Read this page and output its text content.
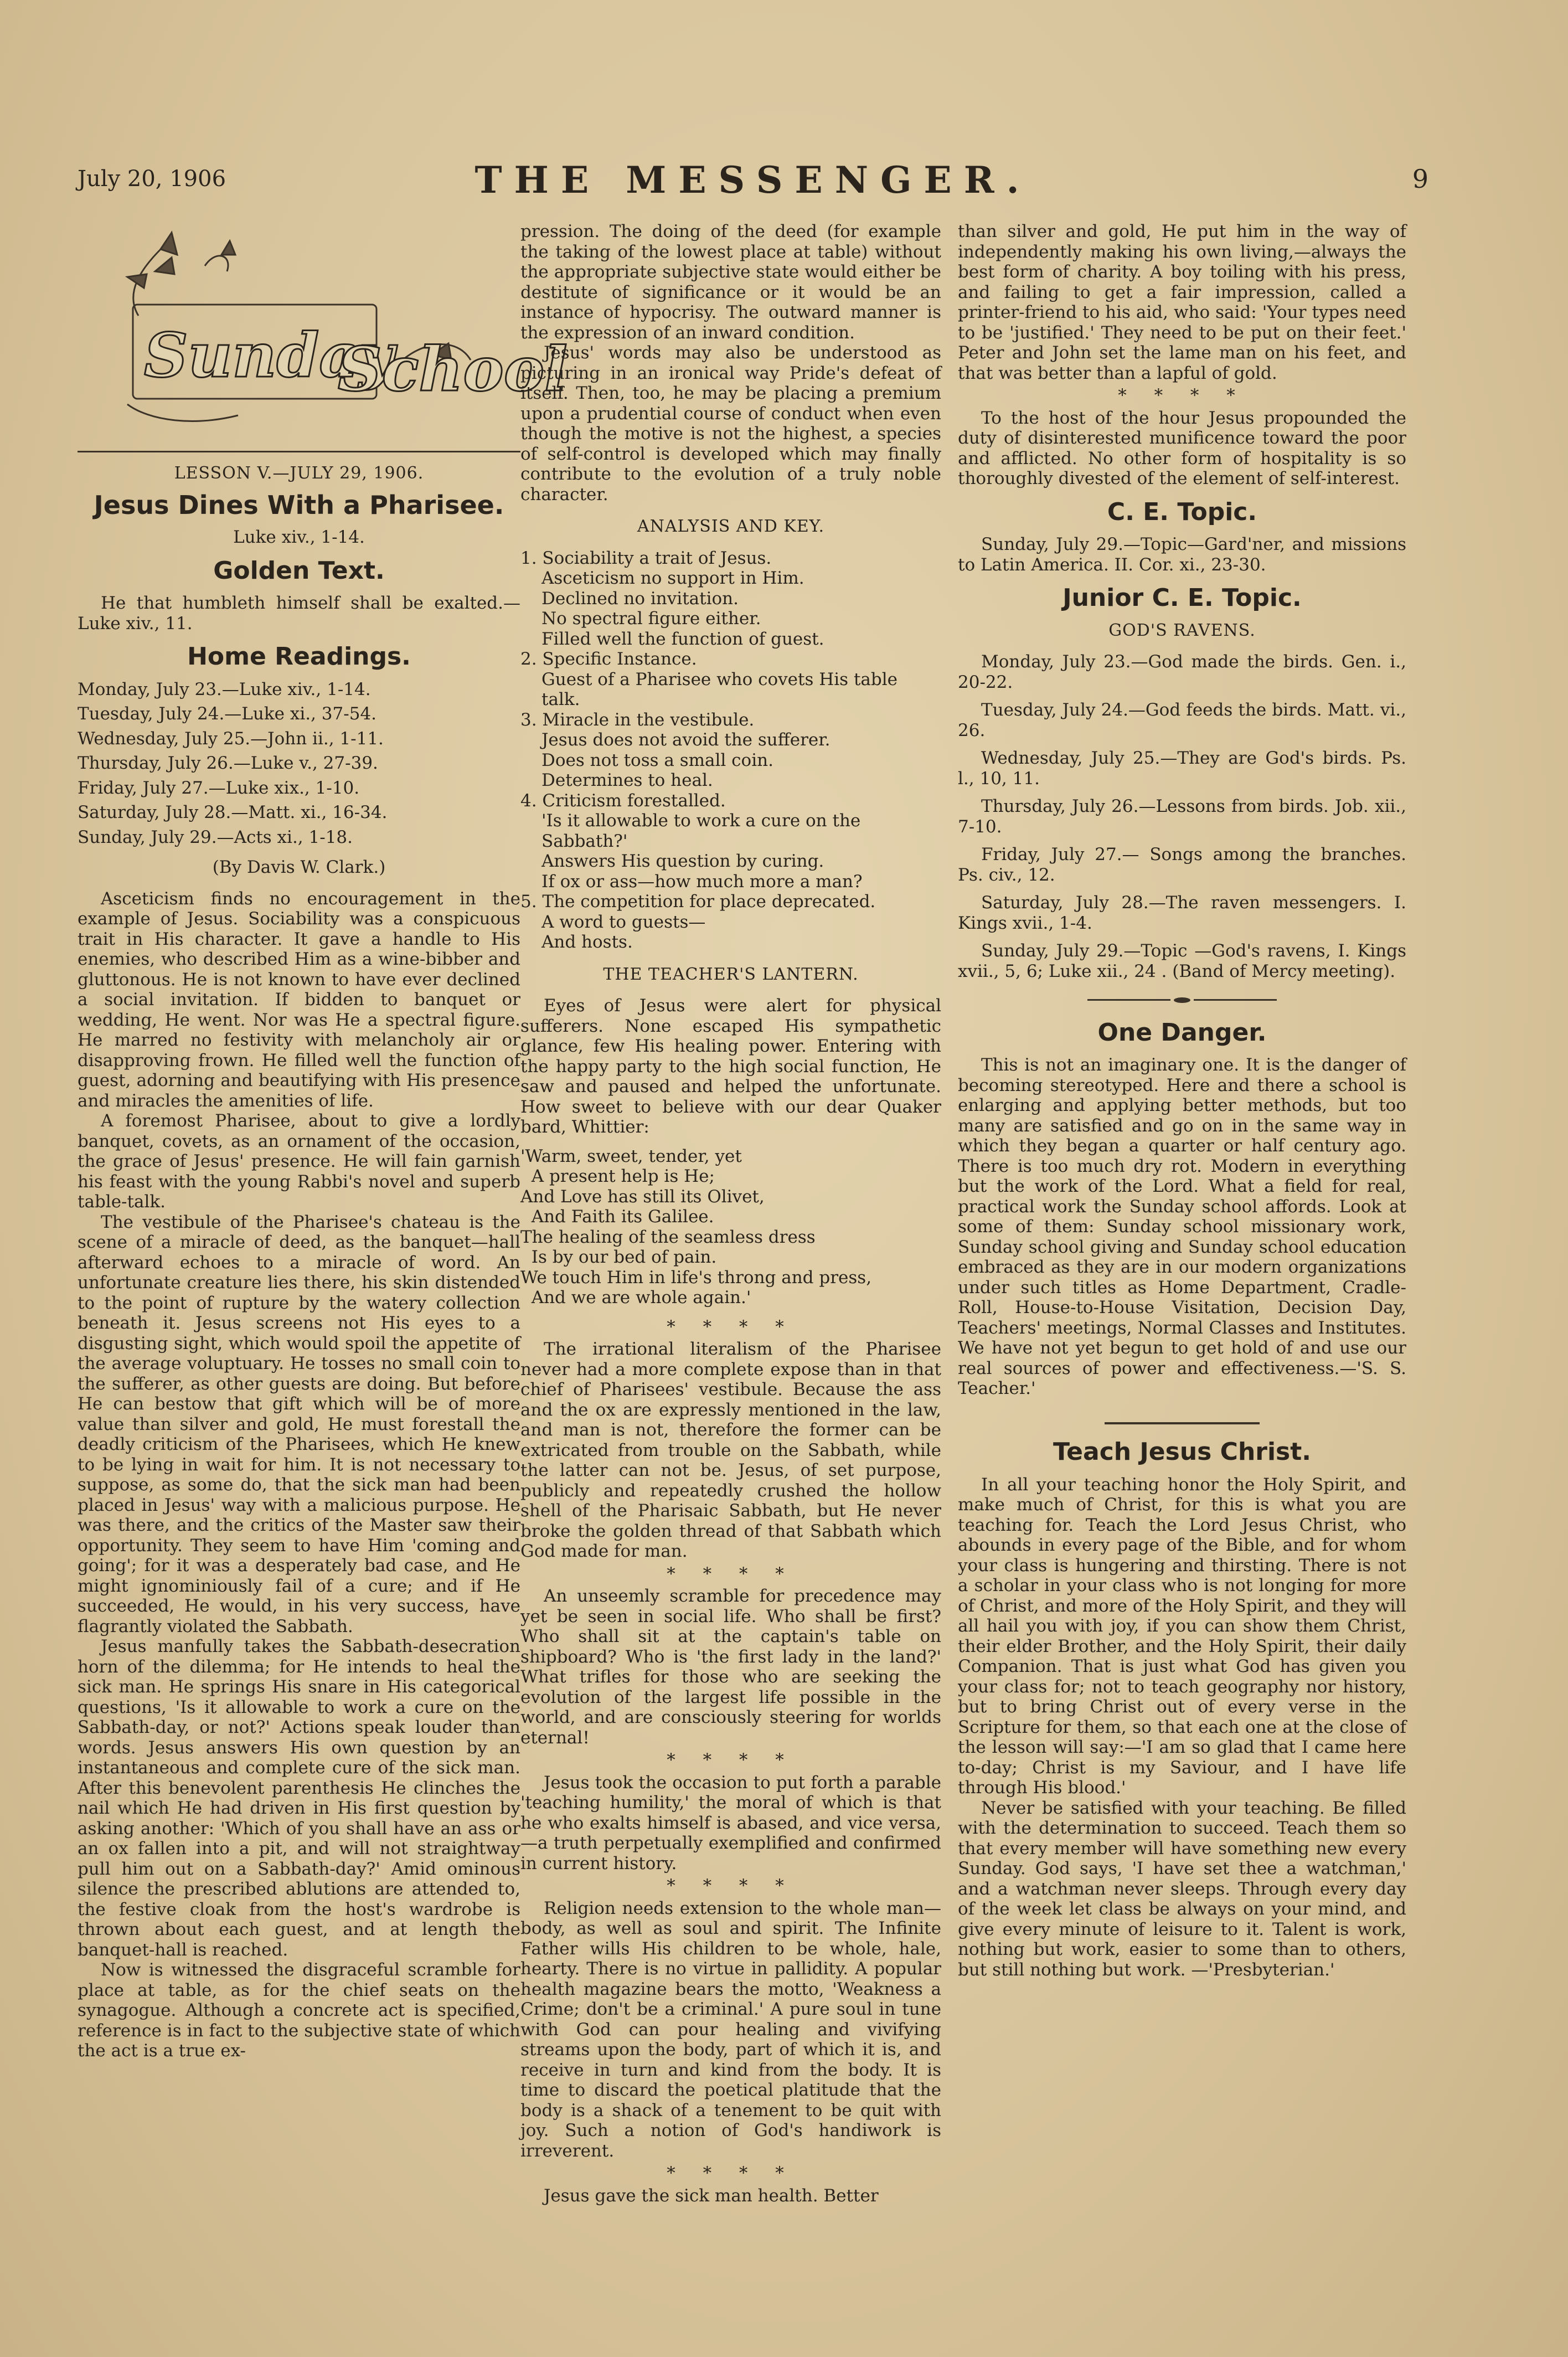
July 20, 1906	THE MESSENGER.	9
Sunday
School

LESSON V.—JULY 29, 1906.

Jesus Dines With a Pharisee.

Luke xiv., 1-14.

Golden Text.

He that humbleth himself shall be exalted.—Luke xiv., 11.

Home Readings.
Monday, July 23.—Luke xiv., 1-14.
Tuesday, July 24.—Luke xi., 37-54.
Wednesday, July 25.—John ii., 1-11.
Thursday, July 26.—Luke v., 27-39.
Friday, July 27.—Luke xix., 1-10.
Saturday, July 28.—Matt. xi., 16-34.
Sunday, July 29.—Acts xi., 1-18.

(By Davis W. Clark.)

Asceticism finds no encouragement in the example of Jesus. Sociability was a conspicuous trait in His character. It gave a handle to His enemies, who described Him as a wine-bibber and gluttonous. He is not known to have ever declined a social invitation. If bidden to banquet or wedding, He went. Nor was He a spectral figure. He marred no festivity with melancholy air or disapproving frown. He filled well the function of guest, adorning and beautifying with His presence and miracles the amenities of life.

A foremost Pharisee, about to give a lordly banquet, covets, as an ornament of the occasion, the grace of Jesus' presence. He will fain garnish his feast with the young Rabbi's novel and superb table-talk.

The vestibule of the Pharisee's chateau is the scene of a miracle of deed, as the banquet—hall afterward echoes to a miracle of word. An unfortunate creature lies there, his skin distended to the point of rupture by the watery collection beneath it. Jesus screens not His eyes to a disgusting sight, which would spoil the appetite of the average voluptuary. He tosses no small coin to the sufferer, as other guests are doing. But before He can bestow that gift which will be of more value than silver and gold, He must forestall the deadly criticism of the Pharisees, which He knew to be lying in wait for him. It is not necessary to suppose, as some do, that the sick man had been placed in Jesus' way with a malicious purpose. He was there, and the critics of the Master saw their opportunity. They seem to have Him 'coming and going'; for it was a desperately bad case, and He might ignominiously fail of a cure; and if He succeeded, He would, in his very success, have flagrantly violated the Sabbath.

Jesus manfully takes the Sabbath-desecration horn of the dilemma; for He intends to heal the sick man. He springs His snare in His categorical questions, 'Is it allowable to work a cure on the Sabbath-day, or not?' Actions speak louder than words. Jesus answers His own question by an instantaneous and complete cure of the sick man. After this benevolent parenthesis He clinches the nail which He had driven in His first question by asking another: 'Which of you shall have an ass or an ox fallen into a pit, and will not straightway pull him out on a Sabbath-day?' Amid ominous silence the prescribed ablutions are attended to, the festive cloak from the host's wardrobe is thrown about each guest, and at length the banquet-hall is reached.

Now is witnessed the disgraceful scramble for place at table, as for the chief seats on the synagogue. Although a concrete act is specified, reference is in fact to the subjective state of which the act is a true ex-

pression. The doing of the deed (for example the taking of the lowest place at table) without the appropriate subjective state would either be destitute of significance or it would be an instance of hypocrisy. The outward manner is the expression of an inward condition.

Jesus' words may also be understood as picturing in an ironical way Pride's defeat of itself. Then, too, he may be placing a premium upon a prudential course of conduct when even though the motive is not the highest, a species of self-control is developed which may finally contribute to the evolution of a truly noble character.

ANALYSIS AND KEY.
1. Sociability a trait of Jesus.
Asceticism no support in Him.
Declined no invitation.
No spectral figure either.
Filled well the function of guest.
2. Specific Instance.
Guest of a Pharisee who covets His table talk.
3. Miracle in the vestibule.
Jesus does not avoid the sufferer.
Does not toss a small coin.
Determines to heal.
4. Criticism forestalled.
'Is it allowable to work a cure on the Sabbath?'
Answers His question by curing.
If ox or ass—how much more a man?
5. The competition for place deprecated.
A word to guests—
And hosts.
THE TEACHER'S LANTERN.

Eyes of Jesus were alert for physical sufferers. None escaped His sympathetic glance, few His healing power. Entering with the happy party to the high social function, He saw and paused and helped the unfortunate. How sweet to believe with our dear Quaker bard, Whittier:

'Warm, sweet, tender, yet
A present help is He;
And Love has still its Olivet,
And Faith its Galilee.
The healing of the seamless dress
Is by our bed of pain.
We touch Him in life's throng and press,
And we are whole again.'
* * * *

The irrational literalism of the Pharisee never had a more complete expose than in that chief of Pharisees' vestibule. Because the ass and the ox are expressly mentioned in the law, and man is not, therefore the former can be extricated from trouble on the Sabbath, while the latter can not be. Jesus, of set purpose, publicly and repeatedly crushed the hollow shell of the Pharisaic Sabbath, but He never broke the golden thread of that Sabbath which God made for man.

* * * *

An unseemly scramble for precedence may yet be seen in social life. Who shall be first? Who shall sit at the captain's table on shipboard? Who is 'the first lady in the land?' What trifles for those who are seeking the evolution of the largest life possible in the world, and are consciously steering for worlds eternal!

* * * *

Jesus took the occasion to put forth a parable 'teaching humility,' the moral of which is that he who exalts himself is abased, and vice versa,—a truth perpetually exemplified and confirmed in current history.

* * * *

Religion needs extension to the whole man—body, as well as soul and spirit. The Infinite Father wills His children to be whole, hale, hearty. There is no virtue in pallidity. A popular health magazine bears the motto, 'Weakness a Crime; don't be a criminal.' A pure soul in tune with God can pour healing and vivifying streams upon the body, part of which it is, and receive in turn and kind from the body. It is time to discard the poetical platitude that the body is a shack of a tenement to be quit with joy. Such a notion of God's handiwork is irreverent.

* * * *

Jesus gave the sick man health. Better

than silver and gold, He put him in the way of independently making his own living,—always the best form of charity. A boy toiling with his press, and failing to get a fair impression, called a printer-friend to his aid, who said: 'Your types need to be 'justified.' They need to be put on their feet.' Peter and John set the lame man on his feet, and that was better than a lapful of gold.

* * * *

To the host of the hour Jesus propounded the duty of disinterested munificence toward the poor and afflicted. No other form of hospitality is so thoroughly divested of the element of self-interest.

C. E. Topic.

Sunday, July 29.—Topic—Gard'ner, and missions to Latin America. II. Cor. xi., 23-30.

Junior C. E. Topic.
GOD'S RAVENS.

Monday, July 23.—God made the birds. Gen. i., 20-22.

Tuesday, July 24.—God feeds the birds. Matt. vi., 26.

Wednesday, July 25.—They are God's birds. Ps. l., 10, 11.

Thursday, July 26.—Lessons from birds. Job. xii., 7-10.

Friday, July 27.— Songs among the branches. Ps. civ., 12.

Saturday, July 28.—The raven messengers. I. Kings xvii., 1-4.

Sunday, July 29.—Topic —God's ravens, I. Kings xvii., 5, 6; Luke xii., 24 . (Band of Mercy meeting).

One Danger.

This is not an imaginary one. It is the danger of becoming stereotyped. Here and there a school is enlarging and applying better methods, but too many are satisfied and go on in the same way in which they began a quarter or half century ago. There is too much dry rot. Modern in everything but the work of the Lord. What a field for real, practical work the Sunday school affords. Look at some of them: Sunday school missionary work, Sunday school giving and Sunday school education embraced as they are in our modern organizations under such titles as Home Department, Cradle-Roll, House-to-House Visitation, Decision Day, Teachers' meetings, Normal Classes and Institutes. We have not yet begun to get hold of and use our real sources of power and effectiveness.—'S. S. Teacher.'

Teach Jesus Christ.

In all your teaching honor the Holy Spirit, and make much of Christ, for this is what you are teaching for. Teach the Lord Jesus Christ, who abounds in every page of the Bible, and for whom your class is hungering and thirsting. There is not a scholar in your class who is not longing for more of Christ, and more of the Holy Spirit, and they will all hail you with joy, if you can show them Christ, their elder Brother, and the Holy Spirit, their daily Companion. That is just what God has given you your class for; not to teach geography nor history, but to bring Christ out of every verse in the Scripture for them, so that each one at the close of the lesson will say:—'I am so glad that I came here to-day; Christ is my Saviour, and I have life through His blood.'

Never be satisfied with your teaching. Be filled with the determination to succeed. Teach them so that every member will have something new every Sunday. God says, 'I have set thee a watchman,' and a watchman never sleeps. Through every day of the week let class be always on your mind, and give every minute of leisure to it. Talent is work, nothing but work, easier to some than to others, but still nothing but work. —'Presbyterian.'
